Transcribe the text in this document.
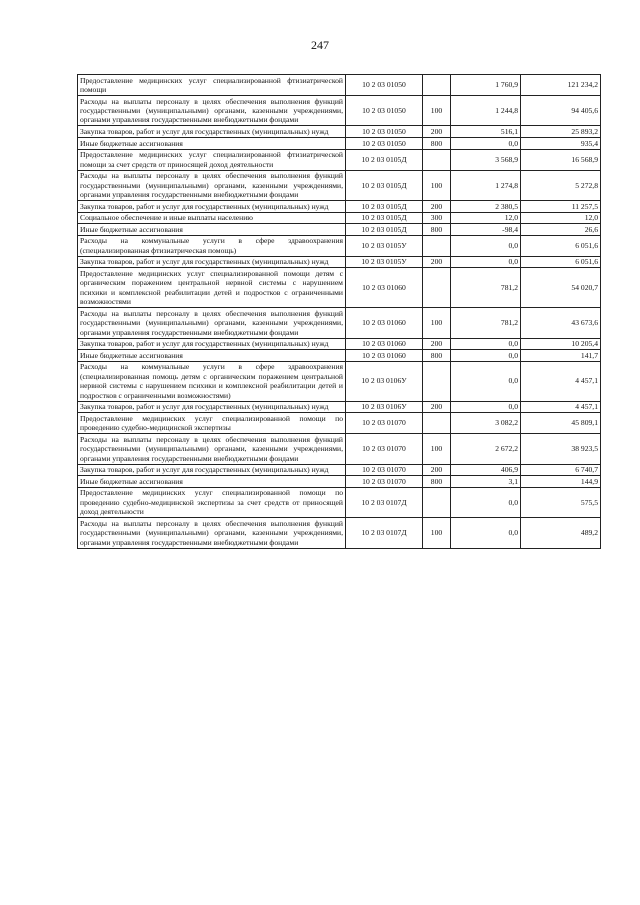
247
Предоставление медицинских услуг специализированной фтизиатрической помощи	10 2 03 01050		1 760,9	121 234,2
Расходы на выплаты персоналу в целях обеспечения выполнения функций государственными (муниципальными) органами, казенными учреждениями, органами управления государственными внебюджетными фондами	10 2 03 01050	100	1 244,8	94 405,6
Закупка товаров, работ и услуг для государственных (муниципальных) нужд	10 2 03 01050	200	516,1	25 893,2
Иные бюджетные ассигнования	10 2 03 01050	800	0,0	935,4
Предоставление медицинских услуг специализированной фтизиатрической помощи за счет средств от приносящей доход деятельности	10 2 03 0105Д		3 568,9	16 568,9
Расходы на выплаты персоналу в целях обеспечения выполнения функций государственными (муниципальными) органами, казенными учреждениями, органами управления государственными внебюджетными фондами	10 2 03 0105Д	100	1 274,8	5 272,8
Закупка товаров, работ и услуг для государственных (муниципальных) нужд	10 2 03 0105Д	200	2 380,5	11 257,5
Социальное обеспечение и иные выплаты населению	10 2 03 0105Д	300	12,0	12,0
Иные бюджетные ассигнования	10 2 03 0105Д	800	-98,4	26,6
Расходы на коммунальные услуги в сфере здравоохранения (специализированная фтизиатрическая помощь)	10 2 03 0105У		0,0	6 051,6
Закупка товаров, работ и услуг для государственных (муниципальных) нужд	10 2 03 0105У	200	0,0	6 051,6
Предоставление медицинских услуг специализированной помощи детям с органическим поражением центральной нервной системы с нарушением психики и комплексной реабилитации детей и подростков с ограниченными возможностями	10 2 03 01060		781,2	54 020,7
Расходы на выплаты персоналу в целях обеспечения выполнения функций государственными (муниципальными) органами, казенными учреждениями, органами управления государственными внебюджетными фондами	10 2 03 01060	100	781,2	43 673,6
Закупка товаров, работ и услуг для государственных (муниципальных) нужд	10 2 03 01060	200	0,0	10 205,4
Иные бюджетные ассигнования	10 2 03 01060	800	0,0	141,7
Расходы на коммунальные услуги в сфере здравоохранения (специализированная помощь детям с органическим поражением центральной нервной системы с нарушением психики и комплексной реабилитации детей и подростков с ограниченными возможностями)	10 2 03 0106У		0,0	4 457,1
Закупка товаров, работ и услуг для государственных (муниципальных) нужд	10 2 03 0106У	200	0,0	4 457,1
Предоставление медицинских услуг специализированной помощи по проведению судебно-медицинской экспертизы	10 2 03 01070		3 082,2	45 809,1
Расходы на выплаты персоналу в целях обеспечения выполнения функций государственными (муниципальными) органами, казенными учреждениями, органами управления государственными внебюджетными фондами	10 2 03 01070	100	2 672,2	38 923,5
Закупка товаров, работ и услуг для государственных (муниципальных) нужд	10 2 03 01070	200	406,9	6 740,7
Иные бюджетные ассигнования	10 2 03 01070	800	3,1	144,9
Предоставление медицинских услуг специализированной помощи по проведению судебно-медицинской экспертизы за счет средств от приносящей доход деятельности	10 2 03 0107Д		0,0	575,5
Расходы на выплаты персоналу в целях обеспечения выполнения функций государственными (муниципальными) органами, казенными учреждениями, органами управления государственными внебюджетными фондами	10 2 03 0107Д	100	0,0	489,2
